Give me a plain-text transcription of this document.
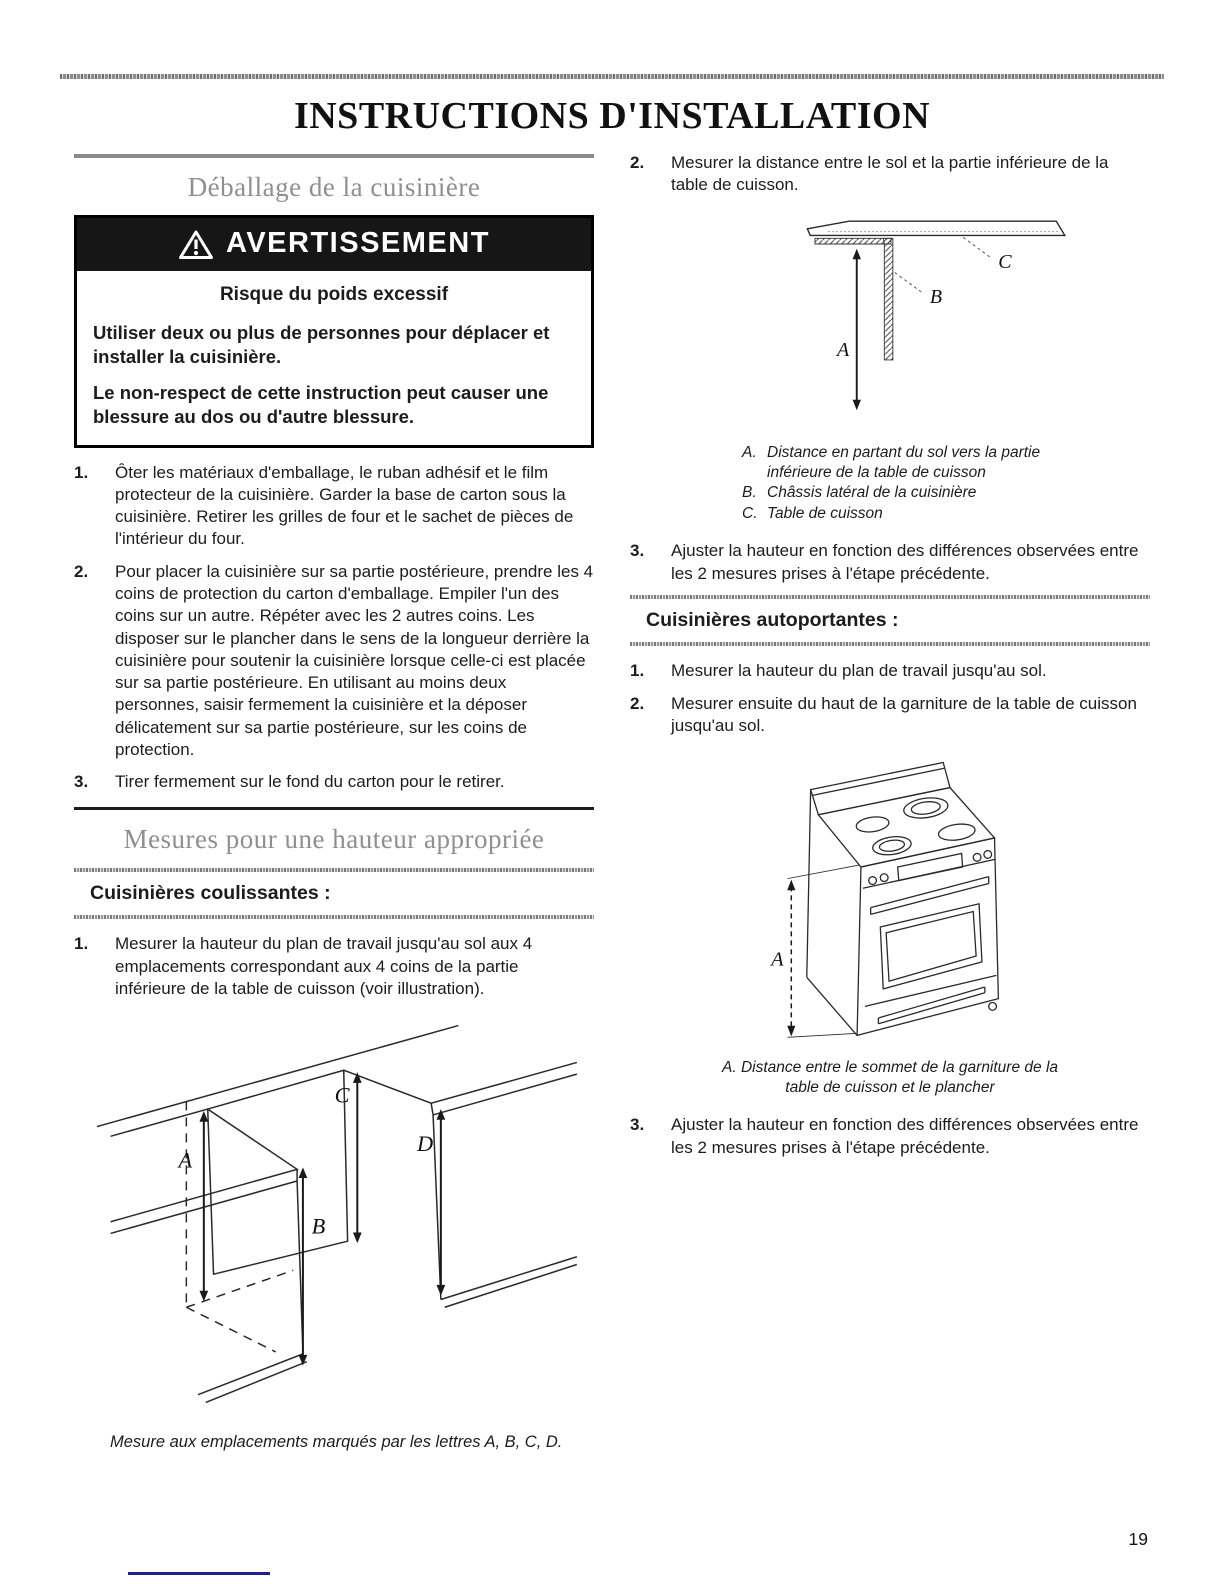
INSTRUCTIONS D'INSTALLATION
Déballage de la cuisinière
AVERTISSEMENT
Risque du poids excessif

Utiliser deux ou plus de personnes pour déplacer et installer la cuisinière.

Le non-respect de cette instruction peut causer une blessure au dos ou d'autre blessure.

1.	Ôter les matériaux d'emballage, le ruban adhésif et le film protecteur de la cuisinière. Garder la base de carton sous la cuisinière. Retirer les grilles de four et le sachet de pièces de l'intérieur du four.
2.	Pour placer la cuisinière sur sa partie postérieure, prendre les 4 coins de protection du carton d'emballage. Empiler l'un des coins sur un autre. Répéter avec les 2 autres coins. Les disposer sur le plancher dans le sens de la longueur derrière la cuisinière pour soutenir la cuisinière lorsque celle-ci est placée sur sa partie postérieure. En utilisant au moins deux personnes, saisir fermement la cuisinière et la déposer délicatement sur sa partie postérieure, sur les coins de protection.
3.	Tirer fermement sur le fond du carton pour le retirer.
Mesures pour une hauteur appropriée
Cuisinières coulissantes :
1.	Mesurer la hauteur du plan de travail jusqu'au sol aux 4 emplacements correspondant aux 4 coins de la partie inférieure de la table de cuisson (voir illustration).
A
B
C
D
Mesure aux emplacements marqués par les lettres A, B, C, D.
2.	Mesurer la distance entre le sol et la partie inférieure de la table de cuisson.
A
B
C
A. Distance en partant du sol vers la partie inférieure de la table de cuisson
B. Châssis latéral de la cuisinière
C. Table de cuisson
3.	Ajuster la hauteur en fonction des différences observées entre les 2 mesures prises à l'étape précédente.
Cuisinières autoportantes :
1.	Mesurer la hauteur du plan de travail jusqu'au sol.
2.	Mesurer ensuite du haut de la garniture de la table de cuisson jusqu'au sol.
A
A. Distance entre le sommet de la garniture de la table de cuisson et le plancher
3.	Ajuster la hauteur en fonction des différences observées entre les 2 mesures prises à l'étape précédente.
19
